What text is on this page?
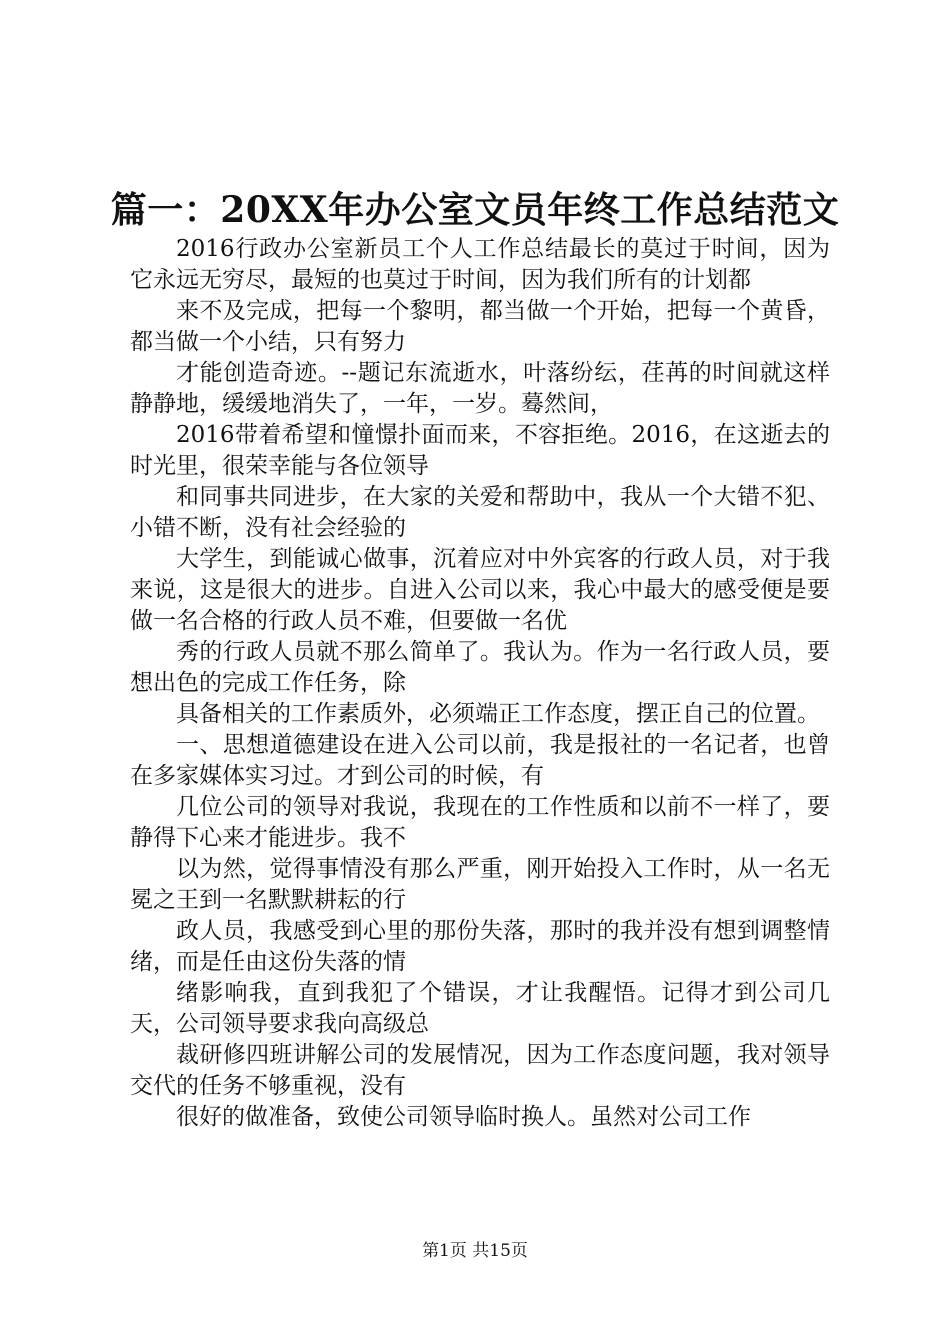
篇一：20XX年办公室文员年终工作总结范文

2016行政办公室新员工个人工作总结最长的莫过于时间，因为它永远无穷尽，最短的也莫过于时间，因为我们所有的计划都

来不及完成，把每一个黎明，都当做一个开始，把每一个黄昏，都当做一个小结，只有努力

才能创造奇迹。--题记东流逝水，叶落纷纭，荏苒的时间就这样静静地，缓缓地消失了，一年，一岁。蓦然间，

2016带着希望和憧憬扑面而来，不容拒绝。2016，在这逝去的时光里，很荣幸能与各位领导

和同事共同进步，在大家的关爱和帮助中，我从一个大错不犯、小错不断，没有社会经验的

大学生，到能诚心做事，沉着应对中外宾客的行政人员，对于我来说，这是很大的进步。自进入公司以来，我心中最大的感受便是要做一名合格的行政人员不难，但要做一名优

秀的行政人员就不那么简单了。我认为。作为一名行政人员，要想出色的完成工作任务，除

具备相关的工作素质外，必须端正工作态度，摆正自己的位置。

一、思想道德建设在进入公司以前，我是报社的一名记者，也曾在多家媒体实习过。才到公司的时候，有

几位公司的领导对我说，我现在的工作性质和以前不一样了，要静得下心来才能进步。我不

以为然，觉得事情没有那么严重，刚开始投入工作时，从一名无冕之王到一名默默耕耘的行

政人员，我感受到心里的那份失落，那时的我并没有想到调整情绪，而是任由这份失落的情

绪影响我，直到我犯了个错误，才让我醒悟。记得才到公司几天，公司领导要求我向高级总

裁研修四班讲解公司的发展情况，因为工作态度问题，我对领导交代的任务不够重视，没有

很好的做准备，致使公司领导临时换人。虽然对公司工作

第1页 共15页
